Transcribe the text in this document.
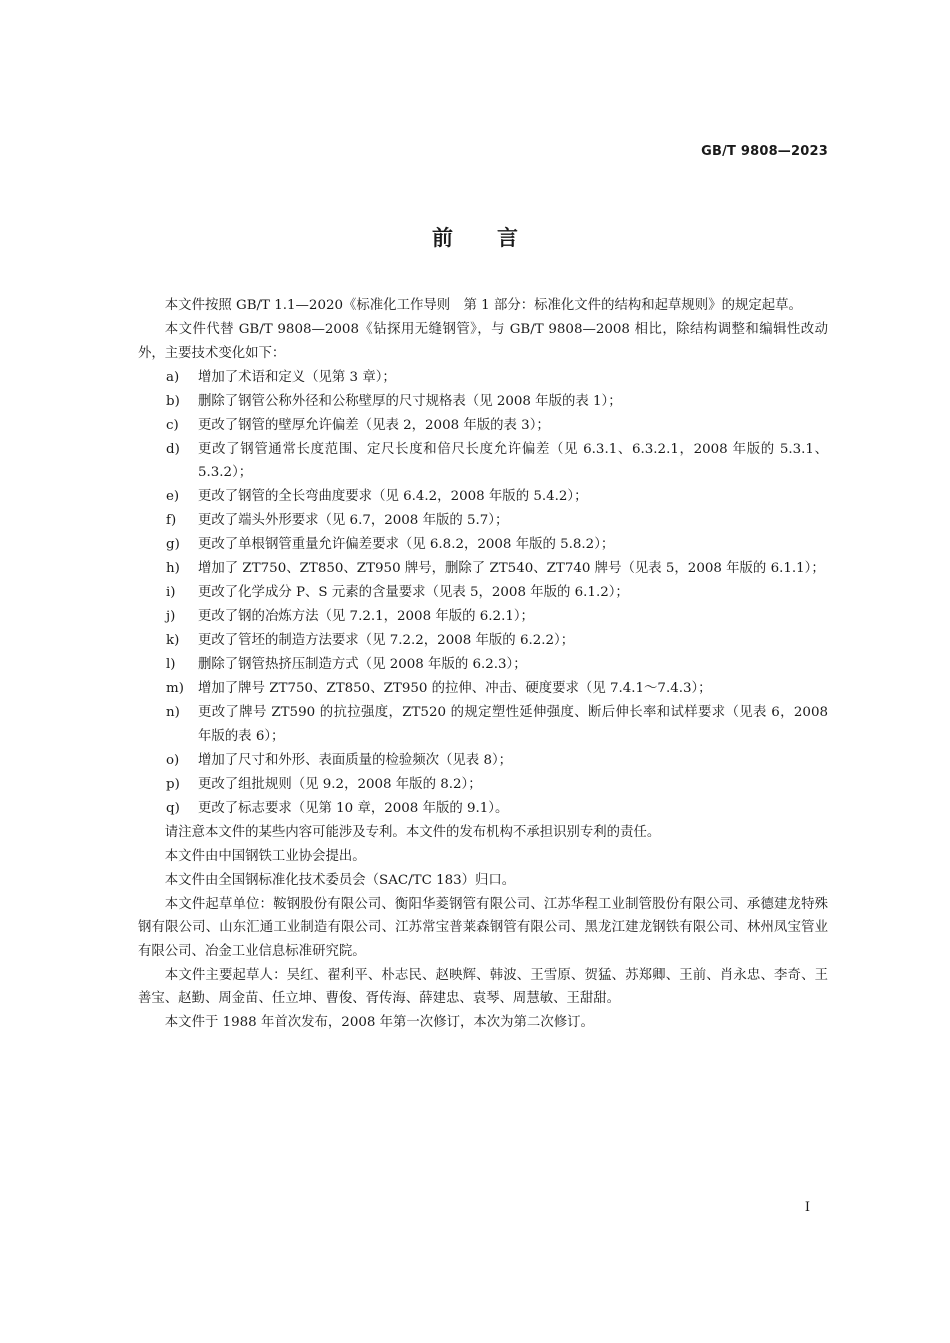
GB/T 9808—2023
前 言

本文件按照 GB/T 1.1—2020《标准化工作导则　第 1 部分：标准化文件的结构和起草规则》的规定起草。

本文件代替 GB/T 9808—2008《钻探用无缝钢管》，与 GB/T 9808—2008 相比，除结构调整和编辑性改动外，主要技术变化如下：

a)	增加了术语和定义（见第 3 章）；
b)	删除了钢管公称外径和公称壁厚的尺寸规格表（见 2008 年版的表 1）；
c)	更改了钢管的壁厚允许偏差（见表 2，2008 年版的表 3）；
d)	更改了钢管通常长度范围、定尺长度和倍尺长度允许偏差（见 6.3.1、6.3.2.1，2008 年版的 5.3.1、5.3.2）；
e)	更改了钢管的全长弯曲度要求（见 6.4.2，2008 年版的 5.4.2）；
f)	更改了端头外形要求（见 6.7，2008 年版的 5.7）；
g)	更改了单根钢管重量允许偏差要求（见 6.8.2，2008 年版的 5.8.2）；
h)	增加了 ZT750、ZT850、ZT950 牌号，删除了 ZT540、ZT740 牌号（见表 5，2008 年版的 6.1.1）；
i)	更改了化学成分 P、S 元素的含量要求（见表 5，2008 年版的 6.1.2）；
j)	更改了钢的冶炼方法（见 7.2.1，2008 年版的 6.2.1）；
k)	更改了管坯的制造方法要求（见 7.2.2，2008 年版的 6.2.2）；
l)	删除了钢管热挤压制造方式（见 2008 年版的 6.2.3）；
m)	增加了牌号 ZT750、ZT850、ZT950 的拉伸、冲击、硬度要求（见 7.4.1～7.4.3）；
n)	更改了牌号 ZT590 的抗拉强度，ZT520 的规定塑性延伸强度、断后伸长率和试样要求（见表 6，2008 年版的表 6）；
o)	增加了尺寸和外形、表面质量的检验频次（见表 8）；
p)	更改了组批规则（见 9.2，2008 年版的 8.2）；
q)	更改了标志要求（见第 10 章，2008 年版的 9.1）。

请注意本文件的某些内容可能涉及专利。本文件的发布机构不承担识别专利的责任。

本文件由中国钢铁工业协会提出。

本文件由全国钢标准化技术委员会（SAC/TC 183）归口。

本文件起草单位：鞍钢股份有限公司、衡阳华菱钢管有限公司、江苏华程工业制管股份有限公司、承德建龙特殊钢有限公司、山东汇通工业制造有限公司、江苏常宝普莱森钢管有限公司、黑龙江建龙钢铁有限公司、林州凤宝管业有限公司、冶金工业信息标准研究院。

本文件主要起草人：吴红、翟利平、朴志民、赵映辉、韩波、王雪原、贺猛、苏郑卿、王前、肖永忠、李奇、王善宝、赵勤、周金苗、任立坤、曹俊、胥传海、薛建忠、袁琴、周慧敏、王甜甜。

本文件于 1988 年首次发布，2008 年第一次修订，本次为第二次修订。

I
